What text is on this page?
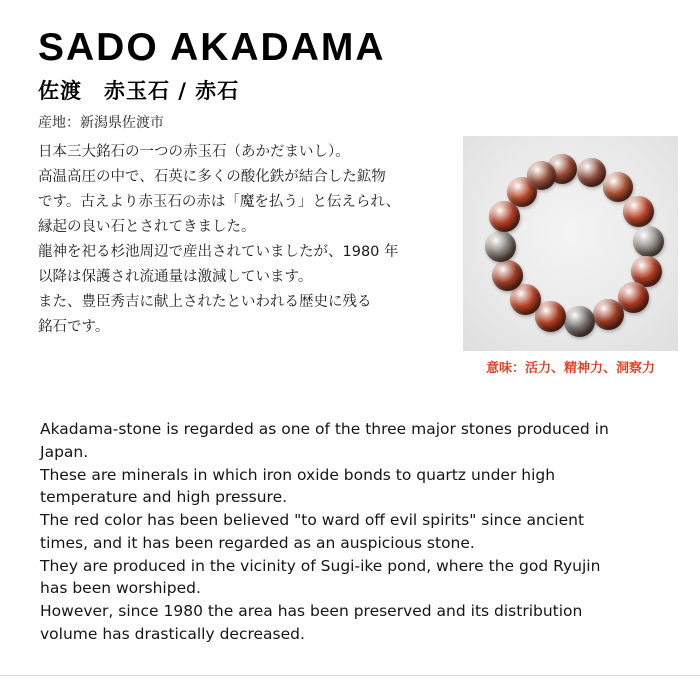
SADO AKADAMA
佐渡　赤玉石 / 赤石
産地：新潟県佐渡市
日本三大銘石の一つの赤玉石（あかだまいし）。
高温高圧の中で、石英に多くの酸化鉄が結合した鉱物
です。古えより赤玉石の赤は「魔を払う」と伝えられ、
縁起の良い石とされてきました。
龍神を祀る杉池周辺で産出されていましたが、1980 年
以降は保護され流通量は激減しています。
また、豊臣秀吉に献上されたといわれる歴史に残る
銘石です。
意味：活力、精神力、洞察力

Akadama-stone is regarded as one of the three major stones produced in

Japan.

These are minerals in which iron oxide bonds to quartz under high

temperature and high pressure.

The red color has been believed "to ward off evil spirits" since ancient

times, and it has been regarded as an auspicious stone.

They are produced in the vicinity of Sugi-ike pond, where the god Ryujin

has been worshiped.

However, since 1980 the area has been preserved and its distribution

volume has drastically decreased.
